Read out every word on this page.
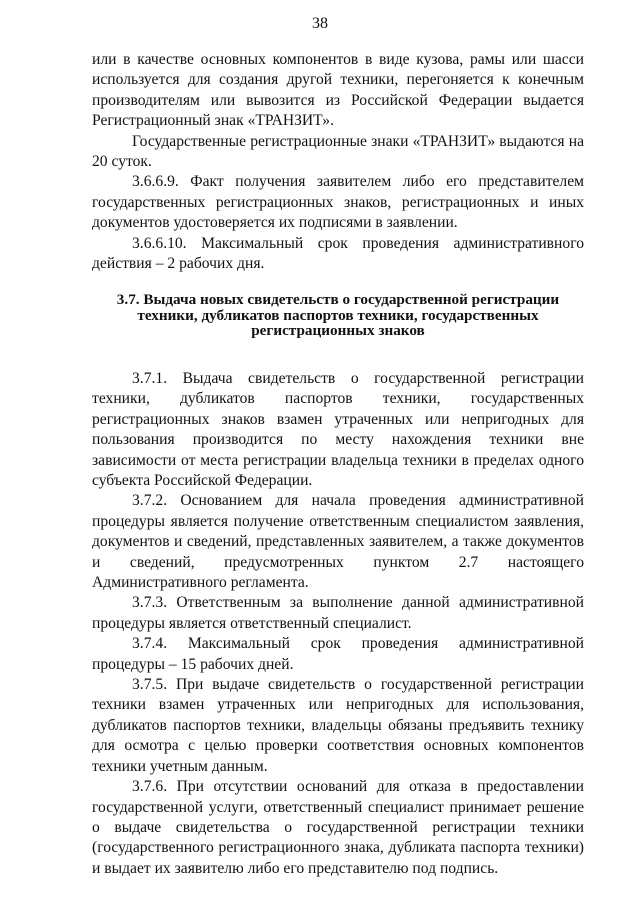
38

или в качестве основных компонентов в виде кузова, рамы или шасси используется для создания другой техники, перегоняется к конечным производителям или вывозится из Российской Федерации выдается Регистрационный знак «ТРАНЗИТ».

Государственные регистрационные знаки «ТРАНЗИТ» выдаются на 20 суток.

3.6.6.9. Факт получения заявителем либо его представителем государственных регистрационных знаков, регистрационных и иных документов удостоверяется их подписями в заявлении.

3.6.6.10. Максимальный срок проведения административного действия – 2 рабочих дня.

3.7. Выдача новых свидетельств о государственной регистрации
техники, дубликатов паспортов техники, государственных
регистрационных знаков

3.7.1. Выдача свидетельств о государственной регистрации техники, дубликатов паспортов техники, государственных регистрационных знаков взамен утраченных или непригодных для пользования производится по месту нахождения техники вне зависимости от места регистрации владельца техники в пределах одного субъекта Российской Федерации.

3.7.2. Основанием для начала проведения административной процедуры является получение ответственным специалистом заявления, документов и сведений, представленных заявителем, а также документов и сведений, предусмотренных пунктом 2.7 настоящего Административного регламента.

3.7.3. Ответственным за выполнение данной административной процедуры является ответственный специалист.

3.7.4. Максимальный срок проведения административной процедуры – 15 рабочих дней.

3.7.5. При выдаче свидетельств о государственной регистрации техники взамен утраченных или непригодных для использования, дубликатов паспортов техники, владельцы обязаны предъявить технику для осмотра с целью проверки соответствия основных компонентов техники учетным данным.

3.7.6. При отсутствии оснований для отказа в предоставлении государственной услуги, ответственный специалист принимает решение о выдаче свидетельства о государственной регистрации техники (государственного регистрационного знака, дубликата паспорта техники) и выдает их заявителю либо его представителю под подпись.
